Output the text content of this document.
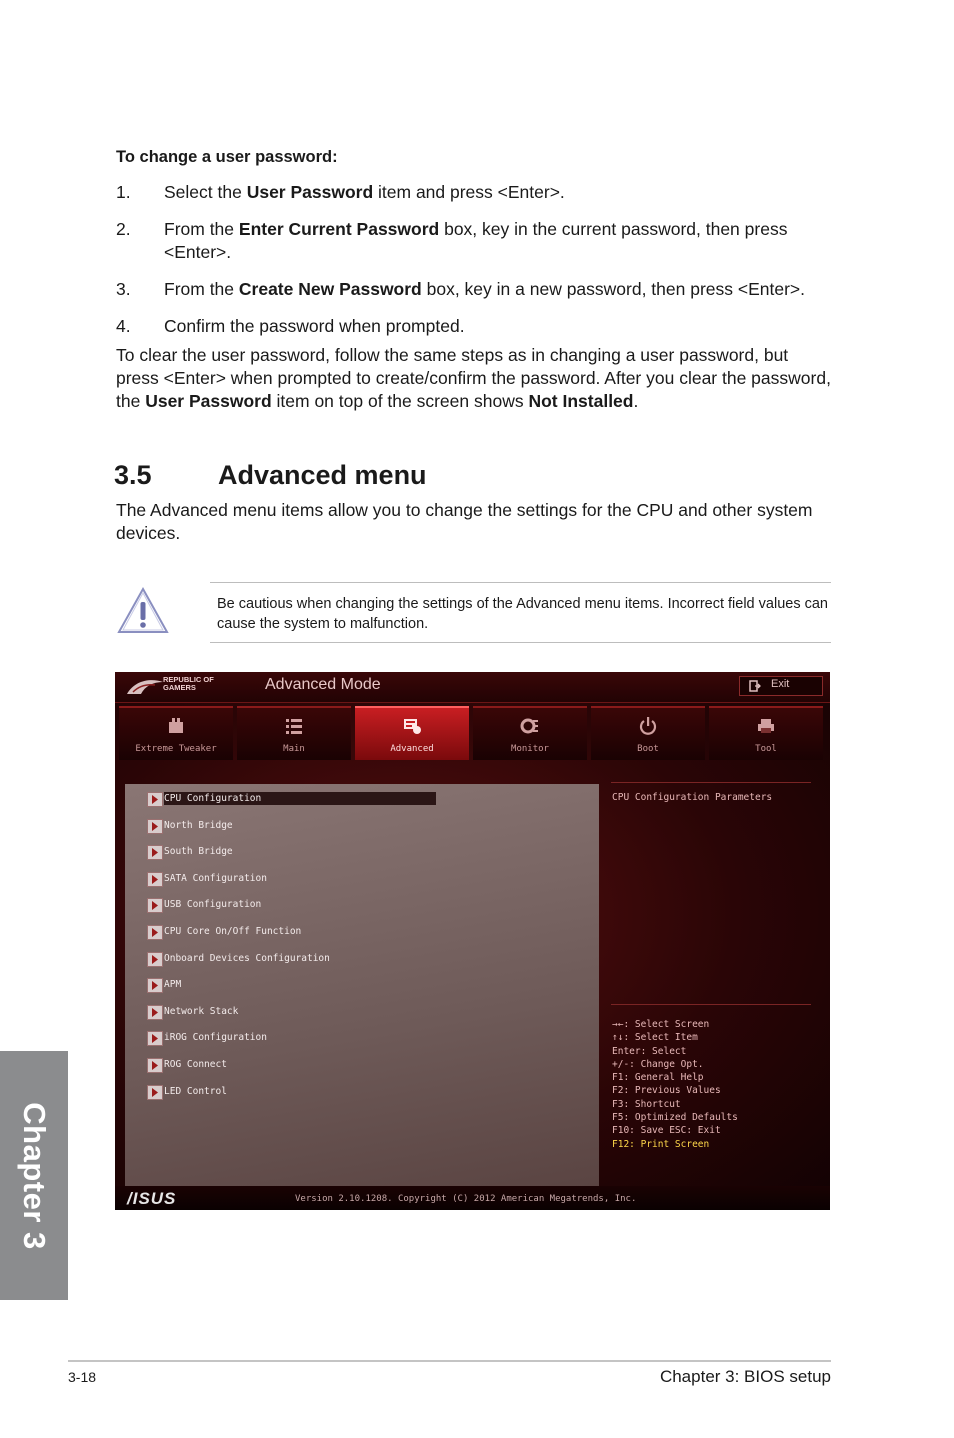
To change a user password:
1. Select the User Password item and press <Enter>.
2. From the Enter Current Password box, key in the current password, then press <Enter>.
3. From the Create New Password box, key in a new password, then press <Enter>.
4. Confirm the password when prompted.
To clear the user password, follow the same steps as in changing a user password, but press <Enter> when prompted to create/confirm the password. After you clear the password, the User Password item on top of the screen shows Not Installed.
3.5 Advanced menu
The Advanced menu items allow you to change the settings for the CPU and other system devices.
Be cautious when changing the settings of the Advanced menu items. Incorrect field values can cause the system to malfunction.
REPUBLIC OF
GAMERS	Advanced Mode	Exit
Extreme Tweaker	Main	Advanced	Monitor	Boot	Tool
CPU Configuration
North Bridge
South Bridge
SATA Configuration
USB Configuration
CPU Core On/Off Function
Onboard Devices Configuration
APM
Network Stack
iROG Configuration
ROG Connect
LED Control
CPU Configuration Parameters
→←: Select Screen
↑↓: Select Item
Enter: Select
+/-: Change Opt.
F1: General Help
F2: Previous Values
F3: Shortcut
F5: Optimized Defaults
F10: Save ESC: Exit
F12: Print Screen
/ISUS	Version 2.10.1208. Copyright (C) 2012 American Megatrends, Inc.
Chapter 3
3-18	Chapter 3: BIOS setup
